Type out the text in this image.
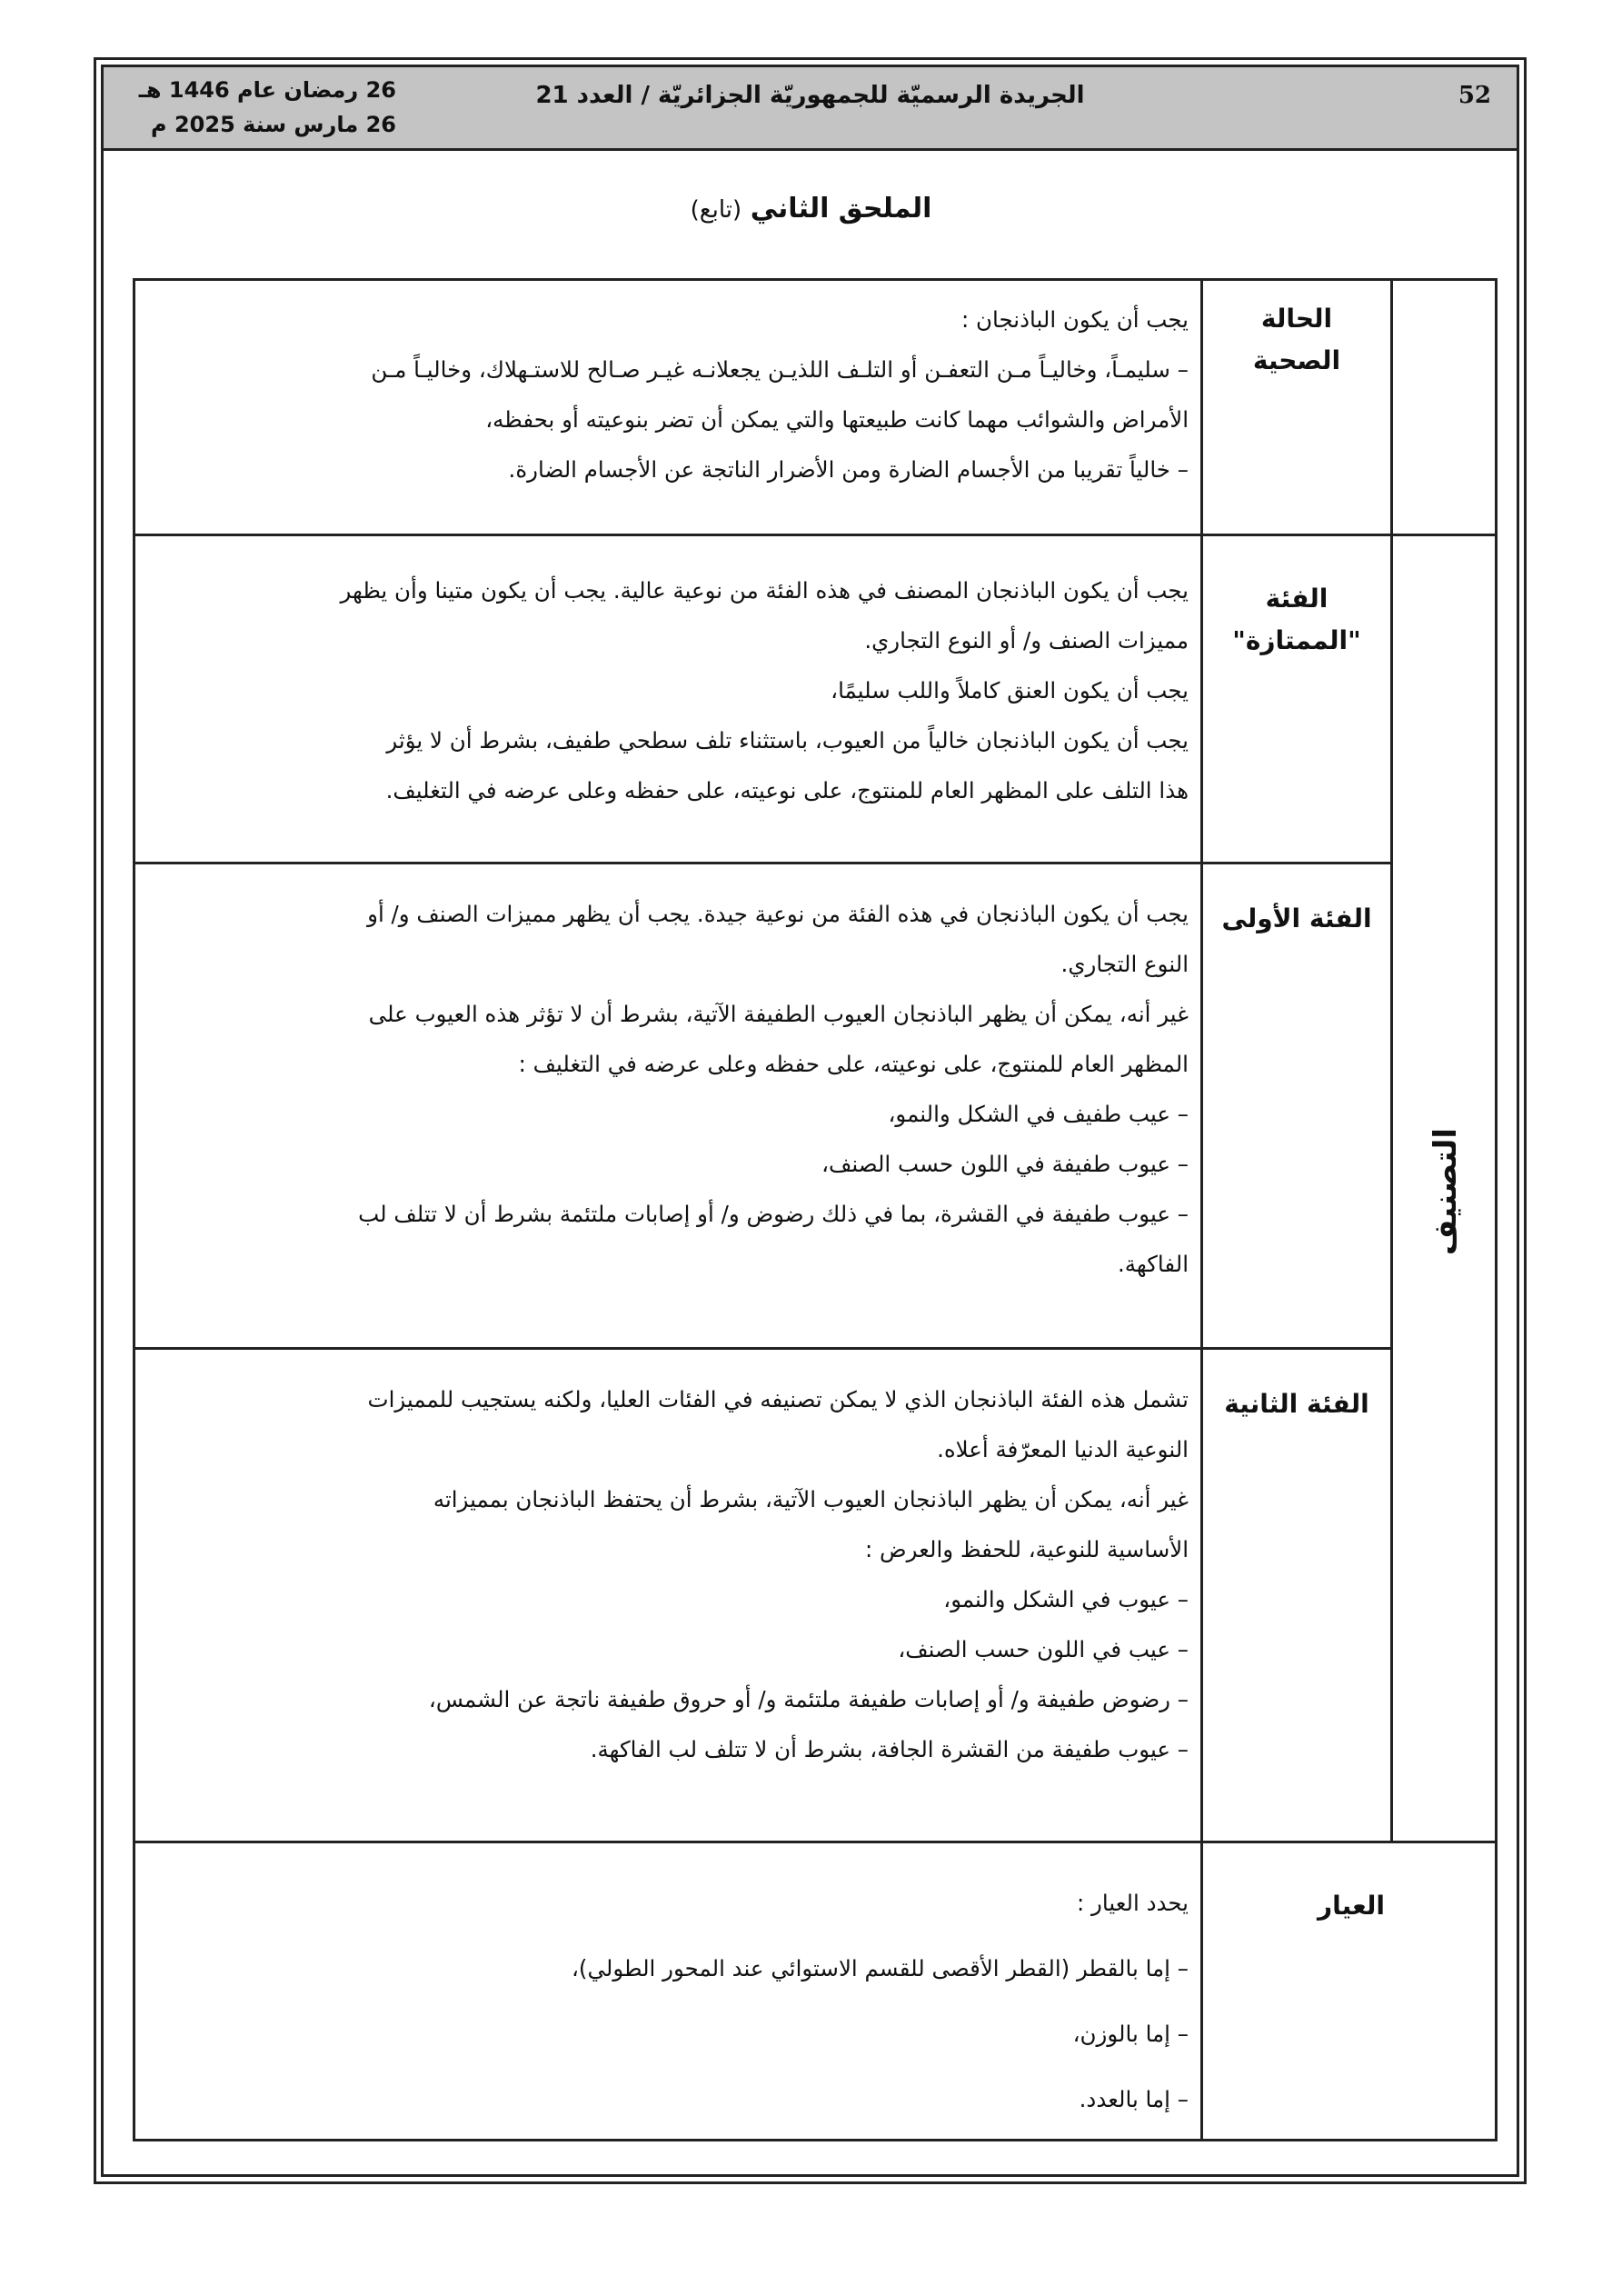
52
الجريدة الرسميّة للجمهوريّة الجزائريّة / العدد 21
26 رمضان عام 1446 هـ
26 مارس سنة 2025 م
الملحق الثاني (تابع)
الحالة
الصحية

يجب أن يكون الباذنجان :

– سليمـاً، وخاليـاً مـن التعفـن أو التلـف اللذيـن يجعلانـه غيـر صـالح للاستـهلاك، وخاليـاً مـن

الأمراض والشوائب مهما كانت طبيعتها والتي يمكن أن تضر بنوعيته أو بحفظه،

– خالياً تقريبا من الأجسام الضارة ومن الأضرار الناتجة عن الأجسام الضارة.

الفئة
"الممتازة"

يجب أن يكون الباذنجان المصنف في هذه الفئة من نوعية عالية. يجب أن يكون متينا وأن يظهر

مميزات الصنف و/ أو النوع التجاري.

يجب أن يكون العنق كاملاً واللب سليمًا،

يجب أن يكون الباذنجان خالياً من العيوب، باستثناء تلف سطحي طفيف، بشرط أن لا يؤثر

هذا التلف على المظهر العام للمنتوج، على نوعيته، على حفظه وعلى عرضه في التغليف.

الفئة الأولى

يجب أن يكون الباذنجان في هذه الفئة من نوعية جيدة. يجب أن يظهر مميزات الصنف و/ أو

النوع التجاري.

غير أنه، يمكن أن يظهر الباذنجان العيوب الطفيفة الآتية، بشرط أن لا تؤثر هذه العيوب على

المظهر العام للمنتوج، على نوعيته، على حفظه وعلى عرضه في التغليف :

– عيب طفيف في الشكل والنمو،

– عيوب طفيفة في اللون حسب الصنف،

– عيوب طفيفة في القشرة، بما في ذلك رضوض و/ أو إصابات ملتئمة بشرط أن لا تتلف لب

الفاكهة.

الفئة الثانية

تشمل هذه الفئة الباذنجان الذي لا يمكن تصنيفه في الفئات العليا، ولكنه يستجيب للمميزات

النوعية الدنيا المعرّفة أعلاه.

غير أنه، يمكن أن يظهر الباذنجان العيوب الآتية، بشرط أن يحتفظ الباذنجان بمميزاته

الأساسية للنوعية، للحفظ والعرض :

– عيوب في الشكل والنمو،

– عيب في اللون حسب الصنف،

– رضوض طفيفة و/ أو إصابات طفيفة ملتئمة و/ أو حروق طفيفة ناتجة عن الشمس،

– عيوب طفيفة من القشرة الجافة، بشرط أن لا تتلف لب الفاكهة.

التصنيف
العيار

يحدد العيار :

– إما بالقطر (القطر الأقصى للقسم الاستوائي عند المحور الطولي)،

– إما بالوزن،

– إما بالعدد.
